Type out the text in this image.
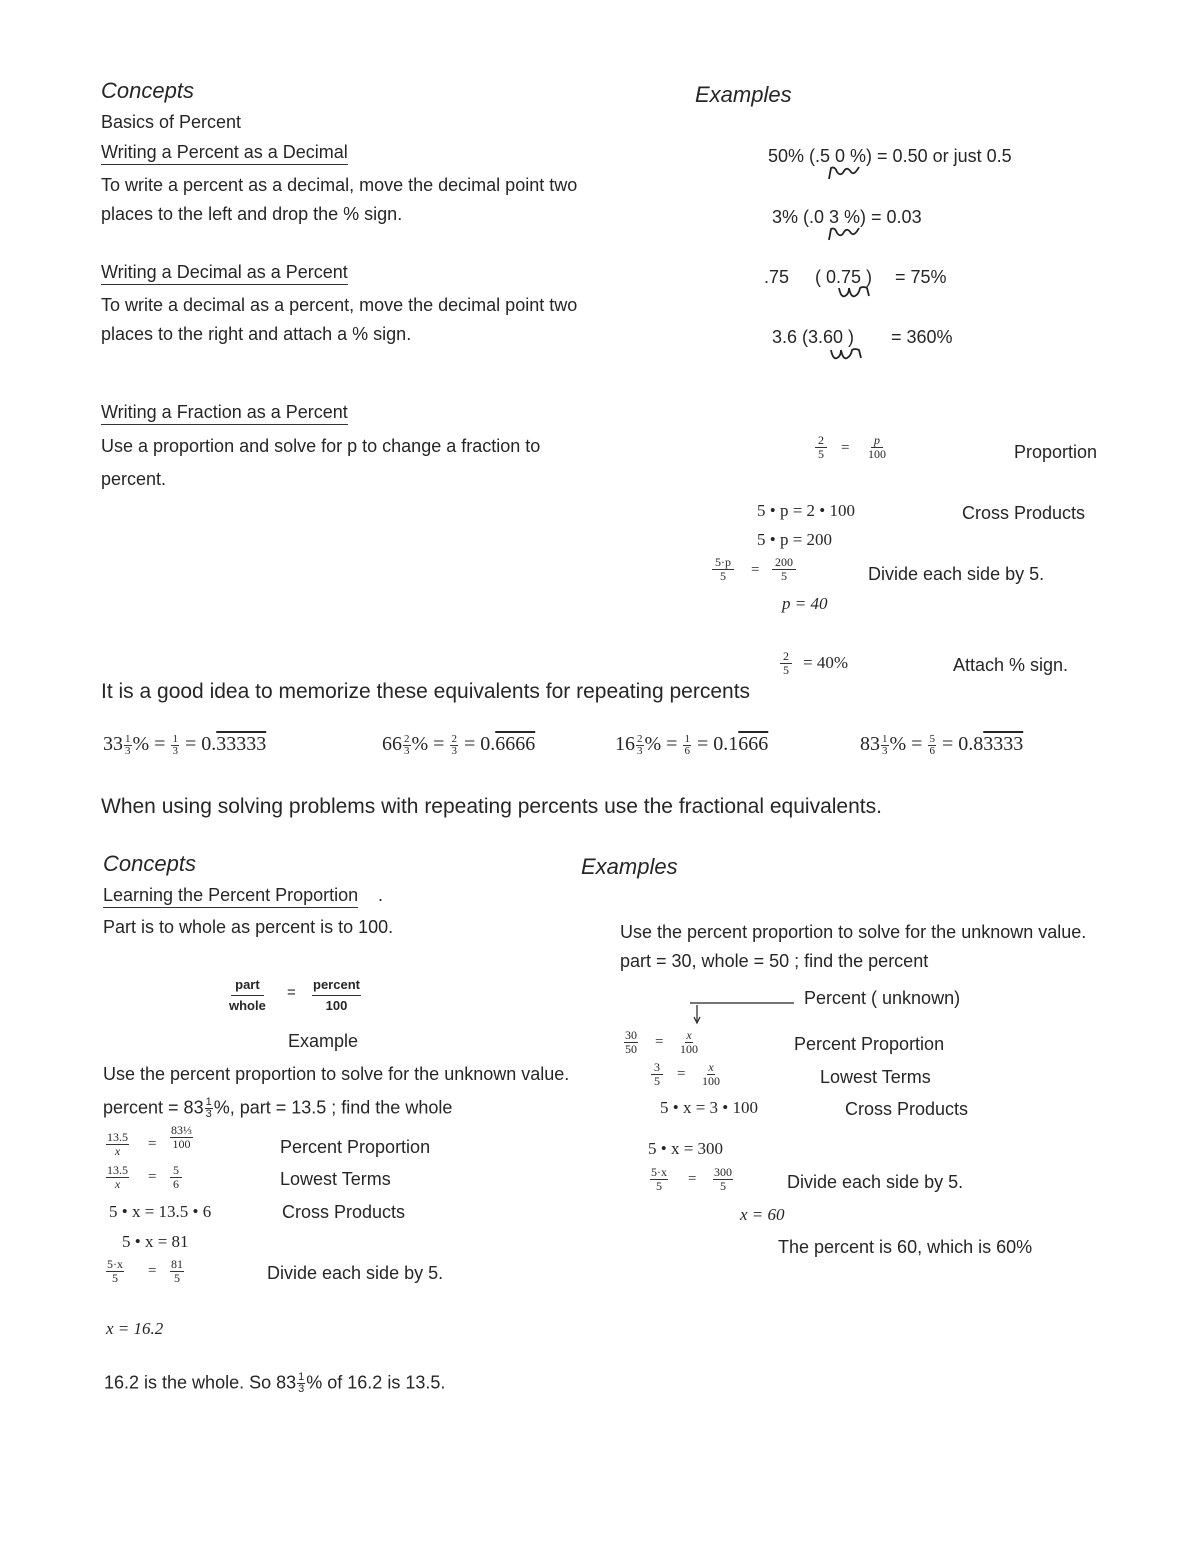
Concepts	Examples
Basics of Percent
Writing a Percent as a Decimal
To write a percent as a decimal, move the decimal point two
places to the left and drop the % sign.
Writing a Decimal as a Percent
To write a decimal as a percent, move the decimal point two
places to the right and attach a % sign.
Writing a Fraction as a Percent
Use a proportion and solve for p to change a fraction to
percent.
50% (.5 0 %) = 0.50 or just 0.5
3% (.0 3 %) = 0.03
.75 ( 0.75 ) = 75%
3.6 (3.60 ) = 360%
2
5 = p
100	Proportion
5 • p = 2 • 100	Cross Products
5 • p = 200
5·p
5 = 200
5	Divide each side by 5.
p = 40
2
5 = 40%	Attach % sign.
It is a good idea to memorize these equivalents for repeating percents
$33 \frac{1}{3}$ % = $\frac{1}{3} = 0.33333$	$66 \frac{2}{3}$ % = $\frac{2}{3} = 0.6666$	$16 \frac{2}{3}$ % = $\frac{1}{6} = 0.1666$	$83 \frac{1}{3}$ % = $\frac{5}{6} = 0.83333$
When using solving problems with repeating percents use the fractional equivalents.
Concepts	Examples
Learning the Percent Proportion .
Part is to whole as percent is to 100.
part
whole
= percent
100
Example
Use the percent proportion to solve for the unknown value.
percent = $83 \frac{1}{3}$ %, part = 13.5 ; find the whole
13.5
x =
83⅓
100	Percent Proportion
13.5
x = 5
6	Lowest Terms
5 • x = 13.5 • 6	Cross Products
5 • x = 81
5·x
5 = 81
5	Divide each side by 5.
x = 16.2
16.2 is the whole. So $83 \frac{1}{3}$ % of 16.2 is 13.5.
Use the percent proportion to solve for the unknown value.
part = 30, whole = 50 ; find the percent
Percent ( unknown)
30
50 = x
100	Percent Proportion
3
5 = x
100	Lowest Terms
5 • x = 3 • 100	Cross Products
5 • x = 300
5·x
5 = 300
5	Divide each side by 5.
x = 60
The percent is 60, which is 60%
